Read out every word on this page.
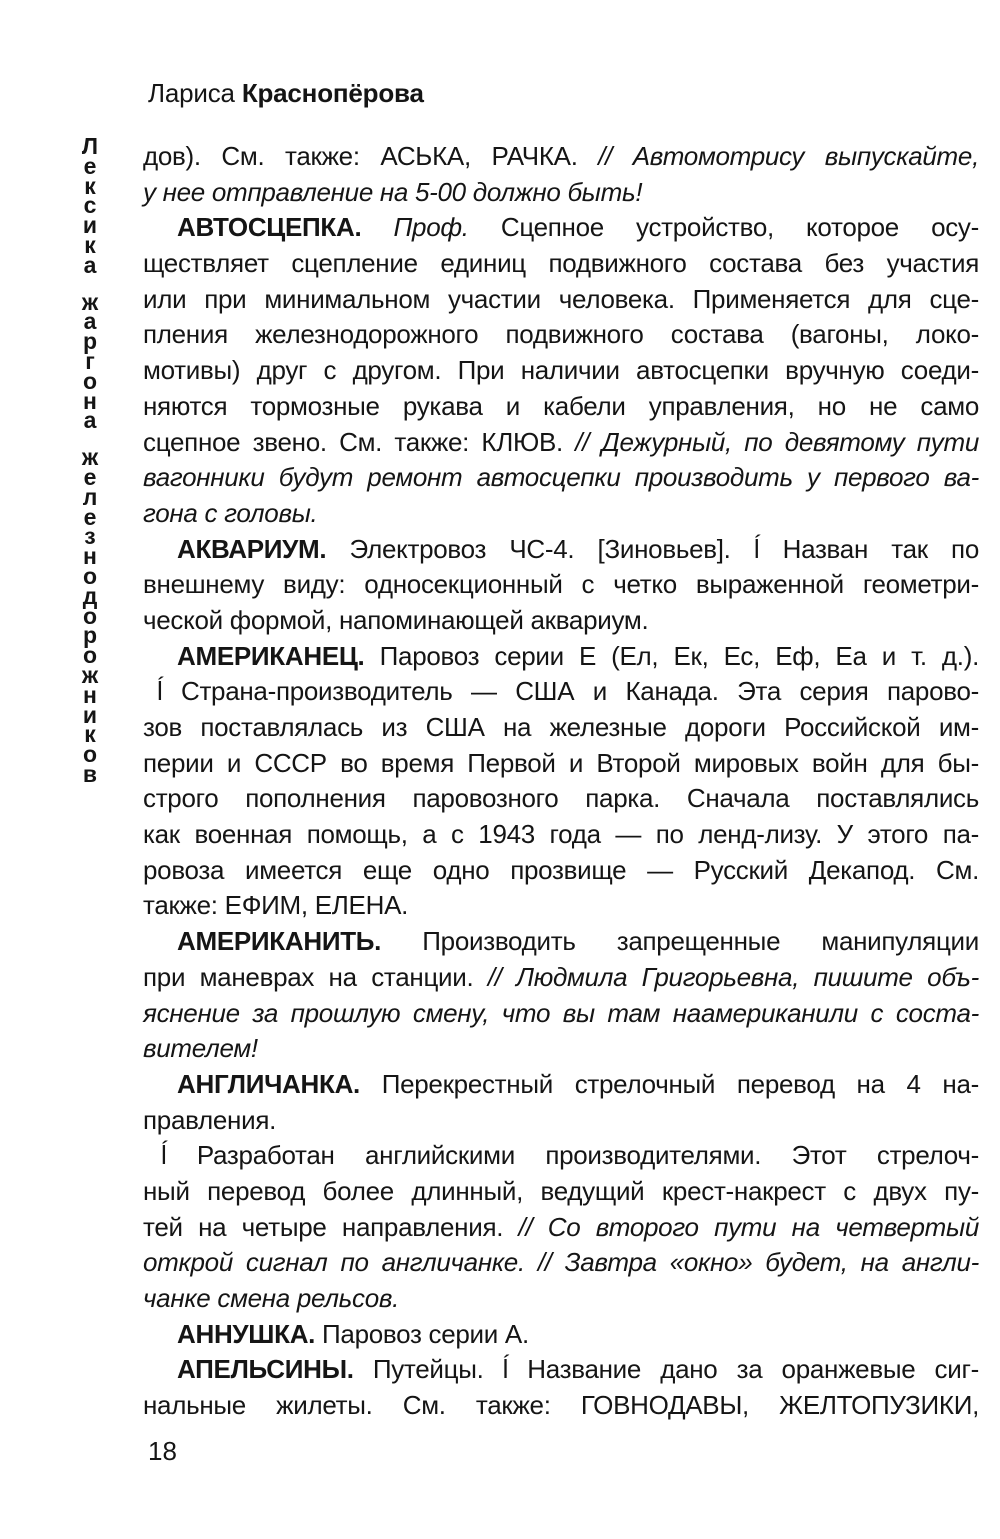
Лариса Краснопёрова
Л
е
к
с
и
к
а
ж
а
р
г
о
н
а
ж
е
л
е
з
н
о
д
о
р
о
ж
н
и
к
о
в
дов). См. также: АСЬКА, РАЧКА. // Автомотрису выпускайте,
у нее отправление на 5-00 должно быть!
АВТОСЦЕПКА. Проф. Сцепное устройство, которое осу-
ществляет сцепление единиц подвижного состава без участия
или при минимальном участии человека. Применяется для сце-
пления железнодорожного подвижного состава (вагоны, локо-
мотивы) друг с другом. При наличии автосцепки вручную соеди-
няются тормозные рукава и кабели управления, но не само
сцепное звено. См. также: КЛЮВ. // Дежурный, по девятому пути
вагонники будут ремонт автосцепки производить у первого ва-
гона с головы.
АКВАРИУМ. Электровоз ЧС-4. [Зиновьев]. ĺ Назван так по
внешнему виду: односекционный с четко выраженной геометри-
ческой формой, напоминающей аквариум.
АМЕРИКАНЕЦ. Паровоз серии Е (Ел, Ек, Ес, Еф, Еа и т. д.).
ĺ Страна-производитель — США и Канада. Эта серия парово-
зов поставлялась из США на железные дороги Российской им-
перии и СССР во время Первой и Второй мировых войн для бы-
строго пополнения паровозного парка. Сначала поставлялись
как военная помощь, а с 1943 года — по ленд-лизу. У этого па-
ровоза имеется еще одно прозвище — Русский Декапод. См.
также: ЕФИМ, ЕЛЕНА.
АМЕРИКАНИТЬ. Производить запрещенные манипуляции
при маневрах на станции. // Людмила Григорьевна, пишите объ-
яснение за прошлую смену, что вы там наамериканили с соста-
вителем!
АНГЛИЧАНКА. Перекрестный стрелочный перевод на 4 на-
правления.
ĺ Разработан английскими производителями. Этот стрелоч-
ный перевод более длинный, ведущий крест-накрест с двух пу-
тей на четыре направления. // Со второго пути на четвертый
открой сигнал по англичанке. // Завтра «окно» будет, на англи-
чанке смена рельсов.
АННУШКА. Паровоз серии А.
АПЕЛЬСИНЫ. Путейцы. ĺ Название дано за оранжевые сиг-
нальные жилеты. См. также: ГОВНОДАВЫ, ЖЕЛТОПУЗИКИ,
18
